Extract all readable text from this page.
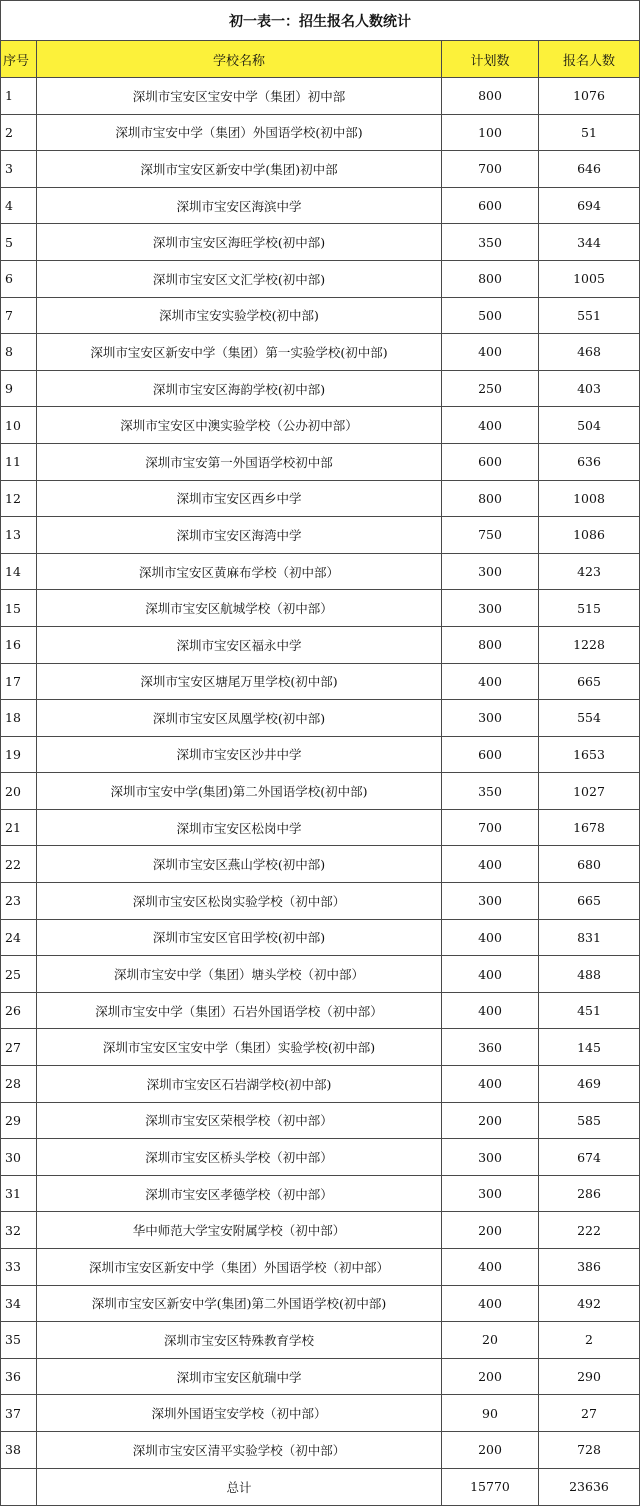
初一表一：招生报名人数统计			
序号	学校名称	计划数	报名人数
1	深圳市宝安区宝安中学（集团）初中部	800	1076
2	深圳市宝安中学（集团）外国语学校(初中部)	100	51
3	深圳市宝安区新安中学(集团)初中部	700	646
4	深圳市宝安区海滨中学	600	694
5	深圳市宝安区海旺学校(初中部)	350	344
6	深圳市宝安区文汇学校(初中部)	800	1005
7	深圳市宝安实验学校(初中部)	500	551
8	深圳市宝安区新安中学（集团）第一实验学校(初中部)	400	468
9	深圳市宝安区海韵学校(初中部)	250	403
10	深圳市宝安区中澳实验学校（公办初中部）	400	504
11	深圳市宝安第一外国语学校初中部	600	636
12	深圳市宝安区西乡中学	800	1008
13	深圳市宝安区海湾中学	750	1086
14	深圳市宝安区黄麻布学校（初中部）	300	423
15	深圳市宝安区航城学校（初中部）	300	515
16	深圳市宝安区福永中学	800	1228
17	深圳市宝安区塘尾万里学校(初中部)	400	665
18	深圳市宝安区凤凰学校(初中部)	300	554
19	深圳市宝安区沙井中学	600	1653
20	深圳市宝安中学(集团)第二外国语学校(初中部)	350	1027
21	深圳市宝安区松岗中学	700	1678
22	深圳市宝安区燕山学校(初中部)	400	680
23	深圳市宝安区松岗实验学校（初中部）	300	665
24	深圳市宝安区官田学校(初中部)	400	831
25	深圳市宝安中学（集团）塘头学校（初中部）	400	488
26	深圳市宝安中学（集团）石岩外国语学校（初中部）	400	451
27	深圳市宝安区宝安中学（集团）实验学校(初中部)	360	145
28	深圳市宝安区石岩湖学校(初中部)	400	469
29	深圳市宝安区荣根学校（初中部）	200	585
30	深圳市宝安区桥头学校（初中部）	300	674
31	深圳市宝安区孝德学校（初中部）	300	286
32	华中师范大学宝安附属学校（初中部）	200	222
33	深圳市宝安区新安中学（集团）外国语学校（初中部）	400	386
34	深圳市宝安区新安中学(集团)第二外国语学校(初中部)	400	492
35	深圳市宝安区特殊教育学校	20	2
36	深圳市宝安区航瑞中学	200	290
37	深圳外国语宝安学校（初中部）	90	27
38	深圳市宝安区清平实验学校（初中部）	200	728
	总计	15770	23636
